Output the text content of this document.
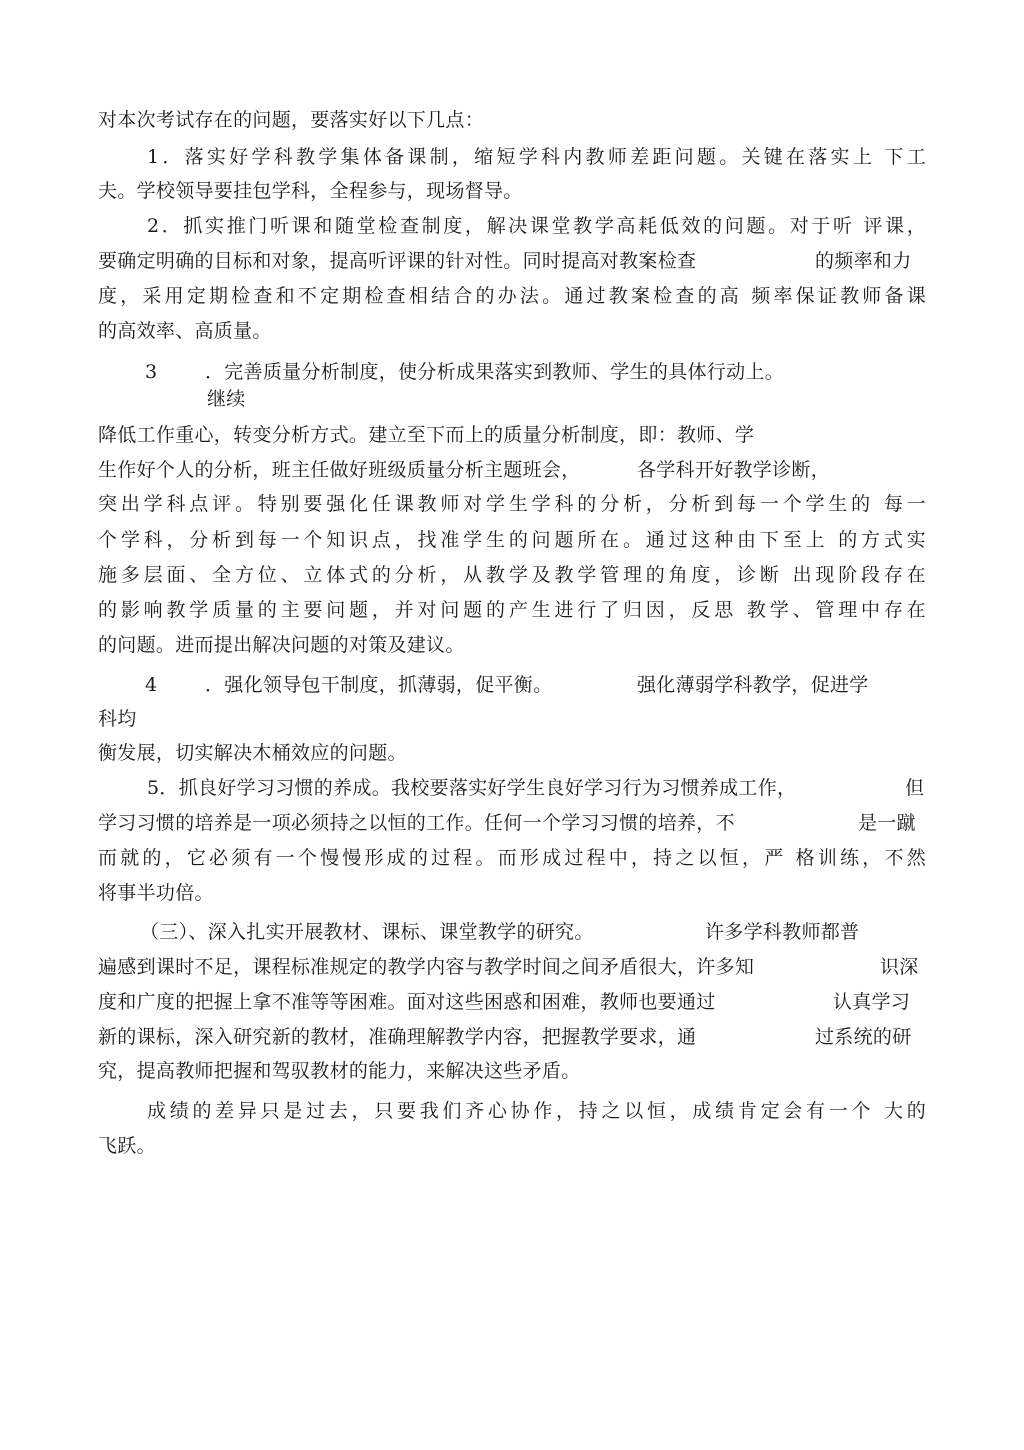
对本次考试存在的问题，要落实好以下几点：
1．落实好学科教学集体备课制，缩短学科内教师差距问题。关键在落实上 下工
夫。学校领导要挂包学科，全程参与，现场督导。
2．抓实推门听课和随堂检查制度，解决课堂教学高耗低效的问题。对于听 评课，
要确定明确的目标和对象，提高听评课的针对性。同时提高对教案检查	的频率和力
度，采用定期检查和不定期检查相结合的办法。通过教案检查的高 频率保证教师备课
的高效率、高质量。
3	．完善质量分析制度，使分析成果落实到教师、学生的具体行动上。
继续
降低工作重心，转变分析方式。建立至下而上的质量分析制度，即：教师、学
生作好个人的分析，班主任做好班级质量分析主题班会，	各学科开好教学诊断，
突出学科点评。特别要强化任课教师对学生学科的分析，分析到每一个学生的 每一
个学科，分析到每一个知识点，找准学生的问题所在。通过这种由下至上 的方式实
施多层面、全方位、立体式的分析，从教学及教学管理的角度，诊断 出现阶段存在
的影响教学质量的主要问题，并对问题的产生进行了归因，反思 教学、管理中存在
的问题。进而提出解决问题的对策及建议。
4	．强化领导包干制度，抓薄弱，促平衡。	强化薄弱学科教学，促进学
科均
衡发展，切实解决木桶效应的问题。
5．抓良好学习习惯的养成。我校要落实好学生良好学习行为习惯养成工作，	但
学习习惯的培养是一项必须持之以恒的工作。任何一个学习习惯的培养，不	是一蹴
而就的，它必须有一个慢慢形成的过程。而形成过程中，持之以恒，严 格训练，不然
将事半功倍。
（三）、深入扎实开展教材、课标、课堂教学的研究。	许多学科教师都普
遍感到课时不足，课程标准规定的教学内容与教学时间之间矛盾很大，许多知	识深
度和广度的把握上拿不准等等困难。面对这些困惑和困难，教师也要通过	认真学习
新的课标，深入研究新的教材，准确理解教学内容，把握教学要求，通	过系统的研
究，提高教师把握和驾驭教材的能力，来解决这些矛盾。
成绩的差异只是过去，只要我们齐心协作，持之以恒，成绩肯定会有一个 大的
飞跃。
